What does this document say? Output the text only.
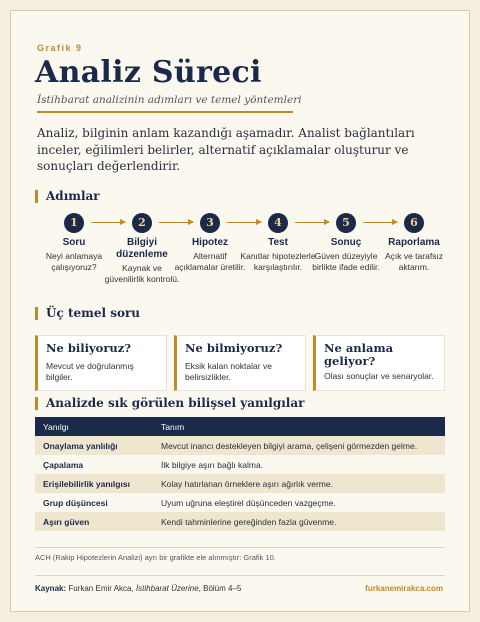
Grafik 9
Analiz Süreci
İstihbarat analizinin adımları ve temel yöntemleri
Analiz, bilginin anlam kazandığı aşamadır. Analist bağlantıları inceler, eğilimleri belirler, alternatif açıklamalar oluşturur ve sonuçları değerlendirir.
Adımlar
1
Soru
Neyi anlamaya çalışıyoruz?
2
Bilgiyi düzenleme
Kaynak ve güvenilirlik kontrolü.
3
Hipotez
Alternatif açıklamalar üretilir.
4
Test
Kanıtlar hipotezlerle karşılaştırılır.
5
Sonuç
Güven düzeyiyle birlikte ifade edilir.
6
Raporlama
Açık ve tarafsız aktarım.
Üç temel soru
Ne biliyoruz?
Mevcut ve doğrulanmış bilgiler.
Ne bilmiyoruz?
Eksik kalan noktalar ve belirsizlikler.
Ne anlama geliyor?
Olası sonuçlar ve senaryolar.
Analizde sık görülen bilişsel yanılgılar
Yanılgı	Tanım
Onaylama yanlılığı	Mevcut inancı destekleyen bilgiyi arama, çelişeni görmezden gelme.
Çapalama	İlk bilgiye aşırı bağlı kalma.
Erişilebilirlik yanılgısı	Kolay hatırlanan örneklere aşırı ağırlık verme.
Grup düşüncesi	Uyum uğruna eleştirel düşünceden vazgeçme.
Aşırı güven	Kendi tahminlerine gereğinden fazla güvenme.
ACH (Rakip Hipotezlerin Analizi) ayrı bir grafikte ele alınmıştır: Grafik 10.
Kaynak: Furkan Emir Akca, İstihbarat Üzerine, Bölüm 4–5	furkanemirakca.com
